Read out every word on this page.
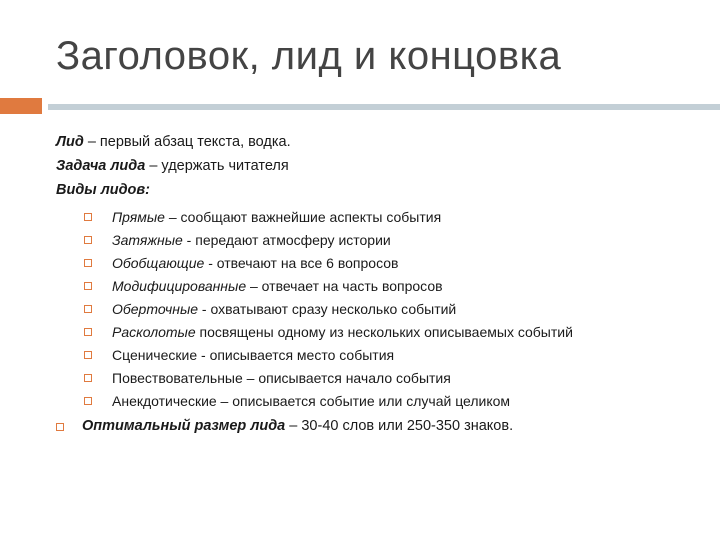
Заголовок, лид и концовка
Лид – первый абзац текста, водка.
Задача лида – удержать читателя
Виды лидов:
Прямые – сообщают важнейшие аспекты события
Затяжные - передают атмосферу истории
Обобщающие - отвечают на все 6 вопросов
Модифицированные – отвечает на часть вопросов
Оберточные - охватывают сразу несколько событий
Расколотые посвящены одному из нескольких описываемых событий
Сценические - описывается место события
Повествовательные – описывается начало события
Анекдотические – описывается событие или случай целиком
Оптимальный размер лида – 30-40 слов или 250-350 знаков.
